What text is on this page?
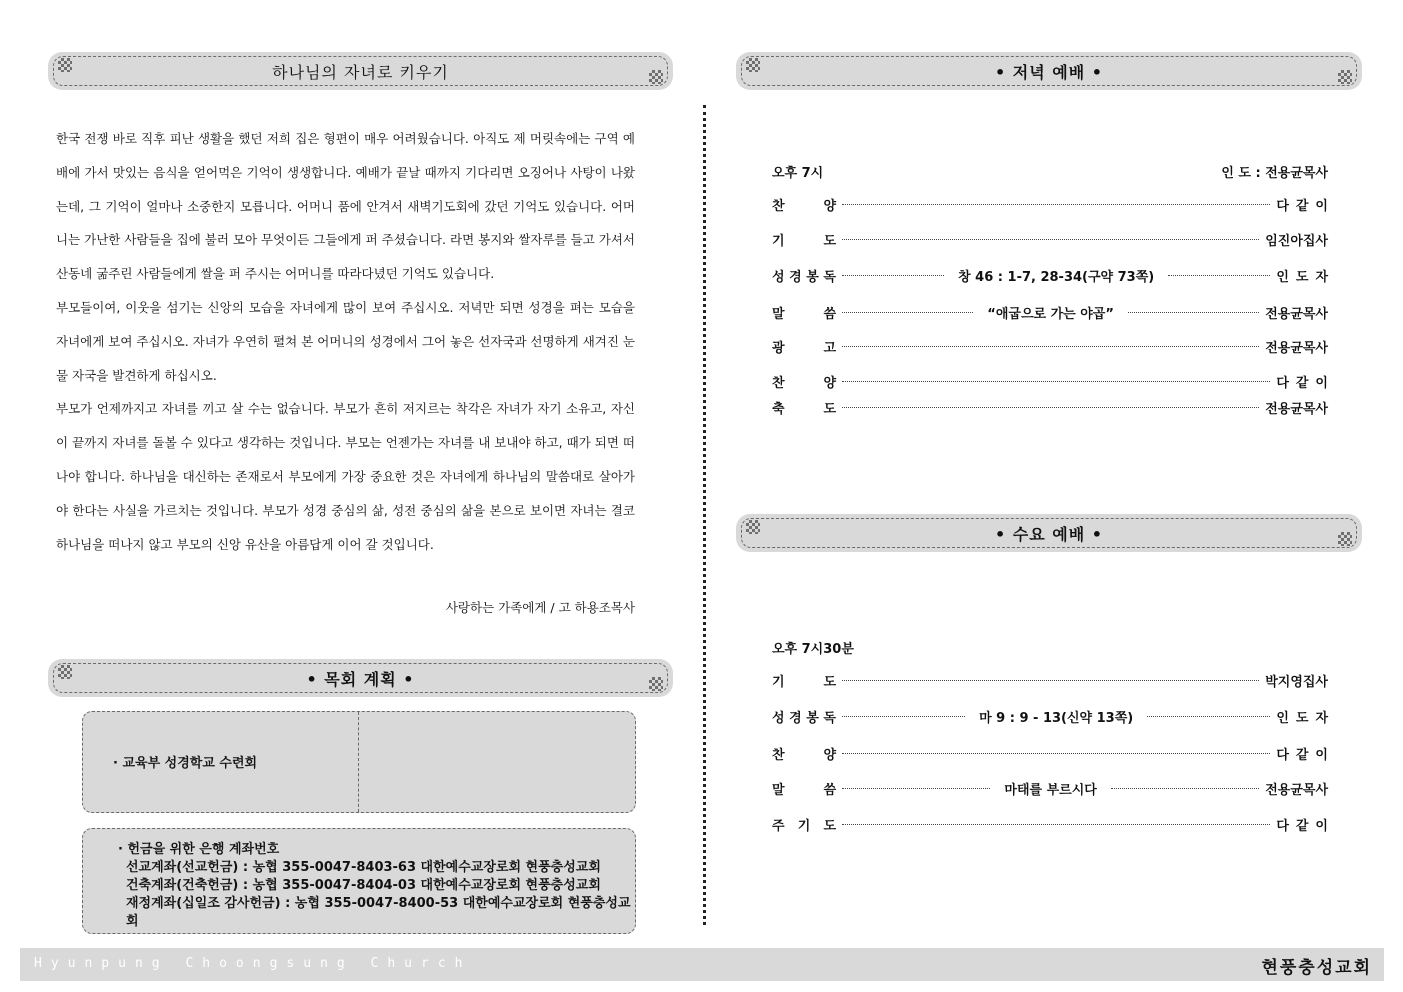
하나님의 자녀로 키우기

한국 전쟁 바로 직후 피난 생활을 했던 저희 집은 형편이 매우 어려웠습니다. 아직도 제 머릿속에는 구역 예배에 가서 맛있는 음식을 얻어먹은 기억이 생생합니다. 예배가 끝날 때까지 기다리면 오징어나 사탕이 나왔는데, 그 기억이 얼마나 소중한지 모릅니다. 어머니 품에 안겨서 새벽기도회에 갔던 기억도 있습니다. 어머니는 가난한 사람들을 집에 불러 모아 무엇이든 그들에게 퍼 주셨습니다. 라면 봉지와 쌀자루를 들고 가셔서 산동네 굶주린 사람들에게 쌀을 퍼 주시는 어머니를 따라다녔던 기억도 있습니다.

부모들이여, 이웃을 섬기는 신앙의 모습을 자녀에게 많이 보여 주십시오. 저녁만 되면 성경을 펴는 모습을 자녀에게 보여 주십시오. 자녀가 우연히 펼쳐 본 어머니의 성경에서 그어 놓은 선자국과 선명하게 새겨진 눈물 자국을 발견하게 하십시오.

부모가 언제까지고 자녀를 끼고 살 수는 없습니다. 부모가 흔히 저지르는 착각은 자녀가 자기 소유고, 자신이 끝까지 자녀를 돌볼 수 있다고 생각하는 것입니다. 부모는 언젠가는 자녀를 내 보내야 하고, 때가 되면 떠나야 합니다. 하나님을 대신하는 존재로서 부모에게 가장 중요한 것은 자녀에게 하나님의 말씀대로 살아가야 한다는 사실을 가르치는 것입니다. 부모가 성경 중심의 삶, 성전 중심의 삶을 본으로 보이면 자녀는 결코 하나님을 떠나지 않고 부모의 신앙 유산을 아름답게 이어 갈 것입니다.

사랑하는 가족에게 / 고 하용조목사
• 목회 계획 •
· 교육부 성경학교 수련회
· 헌금을 위한 은행 계좌번호
선교계좌(선교헌금) : 농협 355-0047-8403-63 대한예수교장로회 현풍충성교회
건축계좌(건축헌금) : 농협 355-0047-8404-03 대한예수교장로회 현풍충성교회
재정계좌(십일조 감사헌금) : 농협 355-0047-8400-53 대한예수교장로회 현풍충성교회
• 저녁 예배 •
오후 7시	인 도 : 전용균목사
찬	양	다같이
기	도	임진아집사
성 경 봉 독	창 46 : 1-7, 28-34(구약 73쪽)	인도자
말	씀	“애굽으로 가는 야곱”	전용균목사
광	고	전용균목사
찬	양	다같이
축	도	전용균목사
• 수요 예배 •
오후 7시30분
기	도	박지영집사
성 경 봉 독	마 9 : 9 - 13(신약 13쪽)	인도자
찬	양	다같이
말	씀	마태를 부르시다	전용균목사
주 기 도	다같이
Hyunpung Choongsung Church	현풍충성교회
